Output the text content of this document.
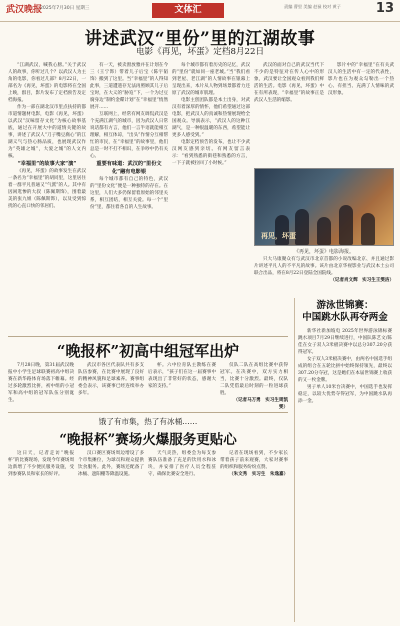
武汉晚报
2025年7月30日 星期三	文体汇	责编 曹里 美编 赵禄 校对 黄子	13
讲述武汉“里份”里的江湖故事
电影《再见，坏蛋》定档8月22日

“江湖武汉，喊我心膀。”关于武汉人的故事，你听过几个？以武汉人为主角的电影，你看过几部？8月22日，一部名为《再见，坏蛋》的电影将在全国上映，群目，影片发布了定档预告及定档海报。

作为一部在湖北汉市里点扶持的都市道情题材电影，电影《再见，坏蛋》以武汉“汉味留存文化”为核心故事基底，通过在开展大中的道情关键的故事，讲述了武汉人“刀子嘴豆腐心”的江湖义气与热心肠品质，也展现武汉作为“英雄之城”，大爱之城”的人文内核。

“幸福里”的故事大家“演”

《再见，坏蛋》的故事发生在武汉一条名为“幸福里”的胡同里，这里居住着一群平凡普通又“气派”的人。其中有因闲逛惨的大叔（陈佩斯饰），围着最美的张九姐（陈佩斯饰），以及受到惊扰的心直口快的邻居们。

有一天，被卖窗放雅并在计划在今三（王宁饰）带着儿子后宝（陈宇韬饰）搬到了这里。当“幸福里”的人得知此事，三道遭遗存无法再照顾其儿子后宝时，在大义的“胁迫”下，一个为过豆腐身边“制约金碟计划”在“幸福里”悄然展开……

互联网上，经常有网友调侃武汉是个充满江湖气的城市，因为武汉人日常说话都有方言，他们一言半语就能相互理解，相互体谅，“出头”作情分互相帮忙的市民，在“幸福里”的故事里，他们总是一时不打不相识，在争吵中仍有关心。

重要有味道：武汉的“里份文化”融有电影银

每个城市都有自己的特色，武汉的“里份文化”便是一种独特的存在。在这里，人们大多仍保留着原始的邻里关系，相互团结，相互关爱。每一个“里份”里，都住着各自的人生故事。

每个城市都有着历史的记忆，武汉的“里份”就如同一座老城。”当“我们看到老屋、老江湖”的人情故事在银幕上呈现出来，本片从人物到场景都着力还原了武汉的城市肌理。

电影主创团队都是本土出身，对武汉有着深厚的情怀，他们希望通过这部电影，把武汉人的真诚和热情展现给全国观众。导演表示，“武汉人的这种江湖气，是一种很温暖的东西，希望能让更多人感受到。”

电影定档预告的发布，也让不少武汉网友感到亲切。有网友留言表示：“看到熟悉的街巷和熟悉的方言，一下子就被拉回了小时候。”

武汉的面对自己的武汉当代下不少的是特征对在传人心中的形象，武汉要让全国观众看到我们鲜活的生活。电影《再见，坏蛋》中在有所表现，“幸福里”的故事正是武汉人生活的缩影。

影片中的“幸福里”在有关武汉人的生活中有一定的代表性，影片也在为观众勾勒出一个热心、有担当、充满了人情味的武汉形象。

再见，坏蛋
《再见，坏蛋》电影海报。

只大马康聚众有与武汉市北京首都的小说改编北京、并且通过影片讲述平凡人的不平凡的故事。该片由北京华视影业与武汉本土公司联合出品，将在8月22日登陆全国院线。

（记者肖文辉　实习生王雯洁）

“晚报杯”初高中组冠军出炉

7月28日晚，第31届武汉晚报中小学生足球联赛初高中组决赛在新华路体育场落下帷幕。经过多轮激烈比拼，初中组的小冠军和高中组的冠军队伍分别诞生。

武汉市各区代表队共有多支队伍参赛，在比赛中展现了良好的精神风貌和足球素养。赛事组委会表示，该赛事已经连续举办多年。

杯。六中位育队主教练在赛后表示，“孩子们在这一届赛事中表现出了非常好的状态，感谢大家的支持。”

仅队二队在高组比赛中获得冠军。在决赛中，双方实力相当，比赛十分激烈。最终，仅队二队凭借最后时刻的一粒进球获胜。

（记者马万勇　实习生周凯雯）

饿了有市集，热了有冰桶……
“晚报杯”赛场火爆服务更贴心

这日天，记者走访“晚报杯”的比赛现场，发现今年赛场周边新增了不少便民服务设施，受到参赛队员和家长的好评。

汉口赛区赛场周边增设了多个市集摊位，为球员和观众提供饮食服务。此外，赛场还配备了冰桶、遮阳棚等降温设施。

天气炎热，组委会为每支参赛队伍准备了充足的饮用水和冰块，并安排了医疗人员全程驻守，确保比赛安全进行。

记者在现场看到，不少家长带着孩子前来观赛，大家对赛事的组织和服务纷纷点赞。

（朱文秀　实习生　朱逸嘉）

游泳世锦赛：
中国跳水队再夺两金

新华社新加坡电 2025年世界游泳锦标赛跳水项目7月29日继续进行，中国队陈艺文/陈佳在女子双人3米板决赛中以总分307.20分获得冠军。

女子双人3米板决赛中，由两名中国选手组成的组合在五轮比拼中始终保持领先，最终以307.20分夺冠，这是她们在本届世锦赛上收获的又一枚金牌。

男子单人10米台决赛中，中国选手也发挥稳定，以较大优势夺得冠军，为中国跳水队再添一金。
